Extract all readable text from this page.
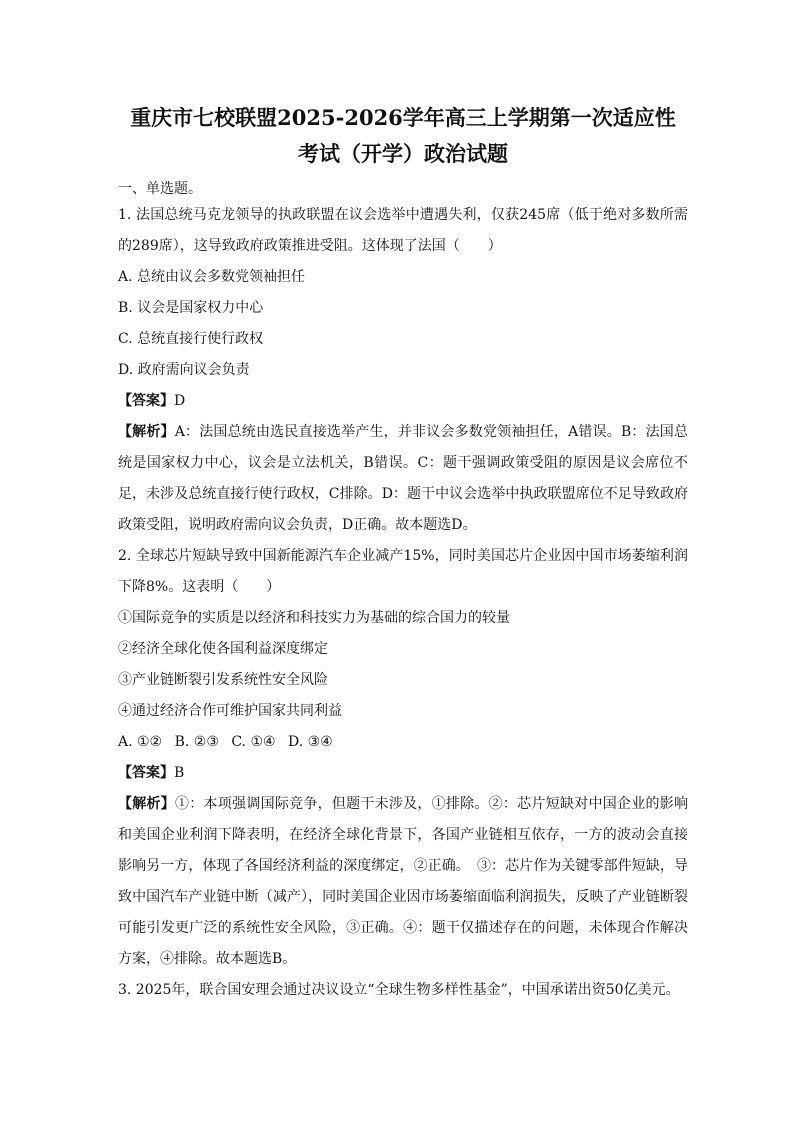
重庆市七校联盟2025-2026学年高三上学期第一次适应性
考试（开学）政治试题
一、单选题。
1. 法国总统马克龙领导的执政联盟在议会选举中遭遇失利，仅获245席（低于绝对多数所需的289席），这导致政府政策推进受阻。这体现了法国（　　）
A. 总统由议会多数党领袖担任
B. 议会是国家权力中心
C. 总统直接行使行政权
D. 政府需向议会负责
【答案】D
【解析】A：法国总统由选民直接选举产生，并非议会多数党领袖担任，A错误。B：法国总统是国家权力中心，议会是立法机关，B错误。C：题干强调政策受阻的原因是议会席位不足，未涉及总统直接行使行政权，C排除。D：题干中议会选举中执政联盟席位不足导致政府政策受阻，说明政府需向议会负责，D正确。故本题选D。
2. 全球芯片短缺导致中国新能源汽车企业减产15%，同时美国芯片企业因中国市场萎缩利润下降8%。这表明（　　）
①国际竞争的实质是以经济和科技实力为基础的综合国力的较量
②经济全球化使各国利益深度绑定
③产业链断裂引发系统性安全风险
④通过经济合作可维护国家共同利益
A. ①② B. ②③ C. ①④ D. ③④
【答案】B
【解析】①：本项强调国际竞争，但题干未涉及，①排除。②：芯片短缺对中国企业的影响和美国企业利润下降表明，在经济全球化背景下，各国产业链相互依存，一方的波动会直接影响另一方，体现了各国经济利益的深度绑定，②正确。　③：芯片作为关键零部件短缺，导致中国汽车产业链中断（减产），同时美国企业因市场萎缩面临利润损失，反映了产业链断裂可能引发更广泛的系统性安全风险，③正确。④：题干仅描述存在的问题，未体现合作解决方案，④排除。故本题选B。
3. 2025年，联合国安理会通过决议设立“全球生物多样性基金”，中国承诺出资50亿美元。
